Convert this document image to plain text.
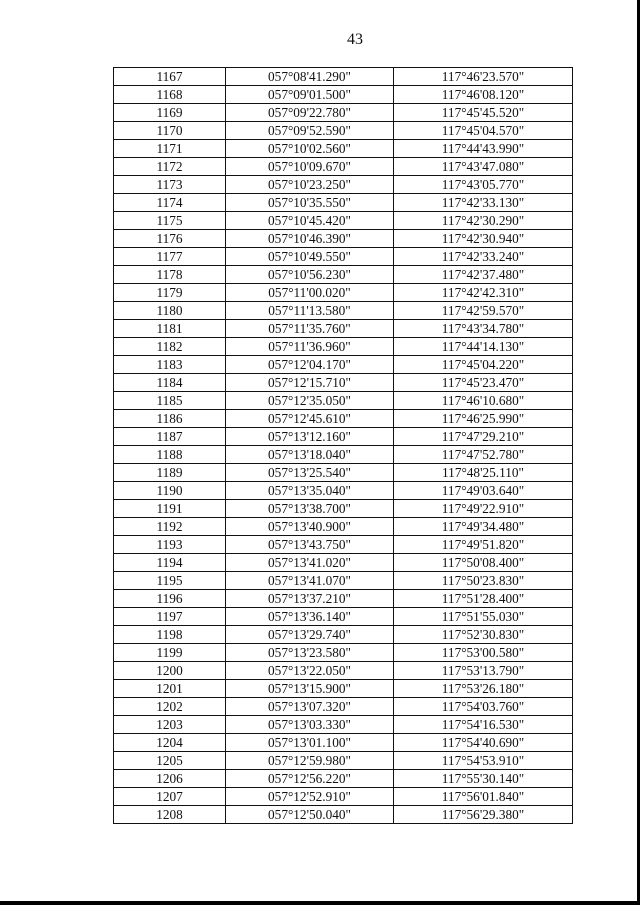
43
1167	057°08'41.290"	117°46'23.570"
1168	057°09'01.500"	117°46'08.120"
1169	057°09'22.780"	117°45'45.520"
1170	057°09'52.590"	117°45'04.570"
1171	057°10'02.560"	117°44'43.990"
1172	057°10'09.670"	117°43'47.080"
1173	057°10'23.250"	117°43'05.770"
1174	057°10'35.550"	117°42'33.130"
1175	057°10'45.420"	117°42'30.290"
1176	057°10'46.390"	117°42'30.940"
1177	057°10'49.550"	117°42'33.240"
1178	057°10'56.230"	117°42'37.480"
1179	057°11'00.020"	117°42'42.310"
1180	057°11'13.580"	117°42'59.570"
1181	057°11'35.760"	117°43'34.780"
1182	057°11'36.960"	117°44'14.130"
1183	057°12'04.170"	117°45'04.220"
1184	057°12'15.710"	117°45'23.470"
1185	057°12'35.050"	117°46'10.680"
1186	057°12'45.610"	117°46'25.990"
1187	057°13'12.160"	117°47'29.210"
1188	057°13'18.040"	117°47'52.780"
1189	057°13'25.540"	117°48'25.110"
1190	057°13'35.040"	117°49'03.640"
1191	057°13'38.700"	117°49'22.910"
1192	057°13'40.900"	117°49'34.480"
1193	057°13'43.750"	117°49'51.820"
1194	057°13'41.020"	117°50'08.400"
1195	057°13'41.070"	117°50'23.830"
1196	057°13'37.210"	117°51'28.400"
1197	057°13'36.140"	117°51'55.030"
1198	057°13'29.740"	117°52'30.830"
1199	057°13'23.580"	117°53'00.580"
1200	057°13'22.050"	117°53'13.790"
1201	057°13'15.900"	117°53'26.180"
1202	057°13'07.320"	117°54'03.760"
1203	057°13'03.330"	117°54'16.530"
1204	057°13'01.100"	117°54'40.690"
1205	057°12'59.980"	117°54'53.910"
1206	057°12'56.220"	117°55'30.140"
1207	057°12'52.910"	117°56'01.840"
1208	057°12'50.040"	117°56'29.380"
